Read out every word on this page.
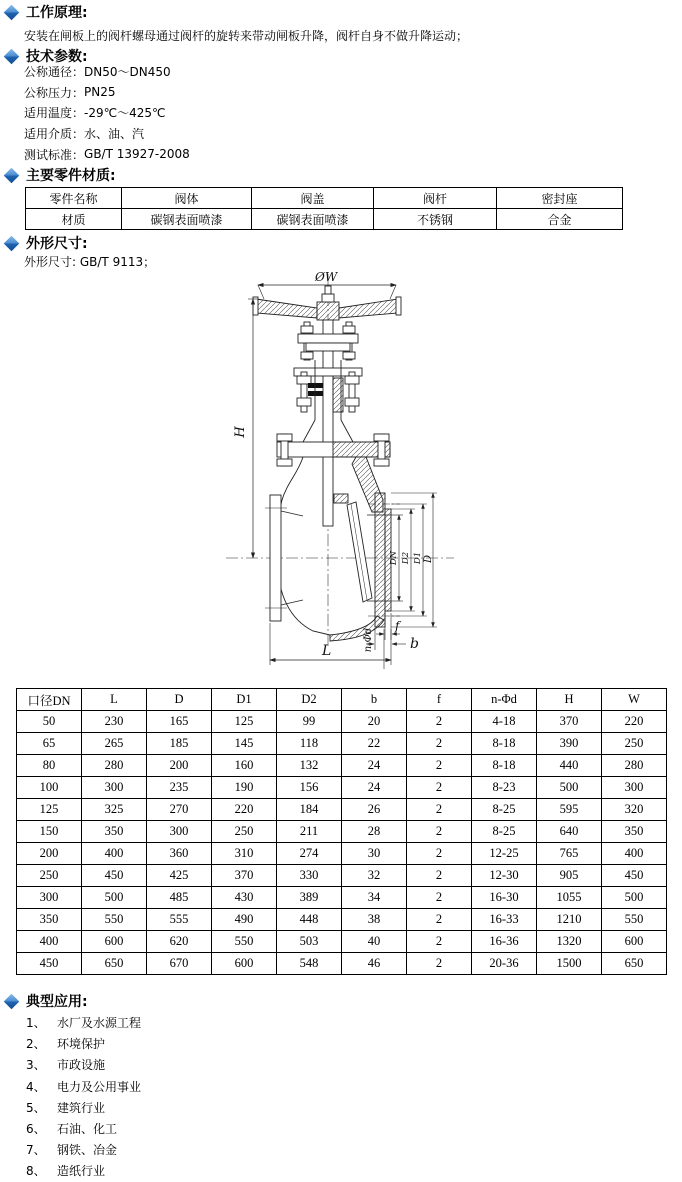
工作原理:
安装在闸板上的阀杆螺母通过阀杆的旋转来带动闸板升降，阀杆自身不做升降运动；
技术参数:
公称通径： DN50～DN450
公称压力： PN25
适用温度： -29℃～425℃
适用介质： 水、油、汽
测试标准： GB/T 13927-2008
主要零件材质:
零件名称	阀体	阀盖	阀杆	密封座
材质	碳钢表面喷漆	碳钢表面喷漆	不锈钢	合金
外形尺寸:
外形尺寸: GB/T 9113；
ØW
H
DN D2 D1 D
L	n-Φd
f
b
口径DN	L	D	D1	D2	b	f	n-Φd	H	W
50	230	165	125	99	20	2	4-18	370	220
65	265	185	145	118	22	2	8-18	390	250
80	280	200	160	132	24	2	8-18	440	280
100	300	235	190	156	24	2	8-23	500	300
125	325	270	220	184	26	2	8-25	595	320
150	350	300	250	211	28	2	8-25	640	350
200	400	360	310	274	30	2	12-25	765	400
250	450	425	370	330	32	2	12-30	905	450
300	500	485	430	389	34	2	16-30	1055	500
350	550	555	490	448	38	2	16-33	1210	550
400	600	620	550	503	40	2	16-36	1320	600
450	650	670	600	548	46	2	20-36	1500	650
典型应用:
1、 水厂及水源工程
2、 环境保护
3、 市政设施
4、 电力及公用事业
5、 建筑行业
6、 石油、化工
7、 钢铁、冶金
8、 造纸行业
